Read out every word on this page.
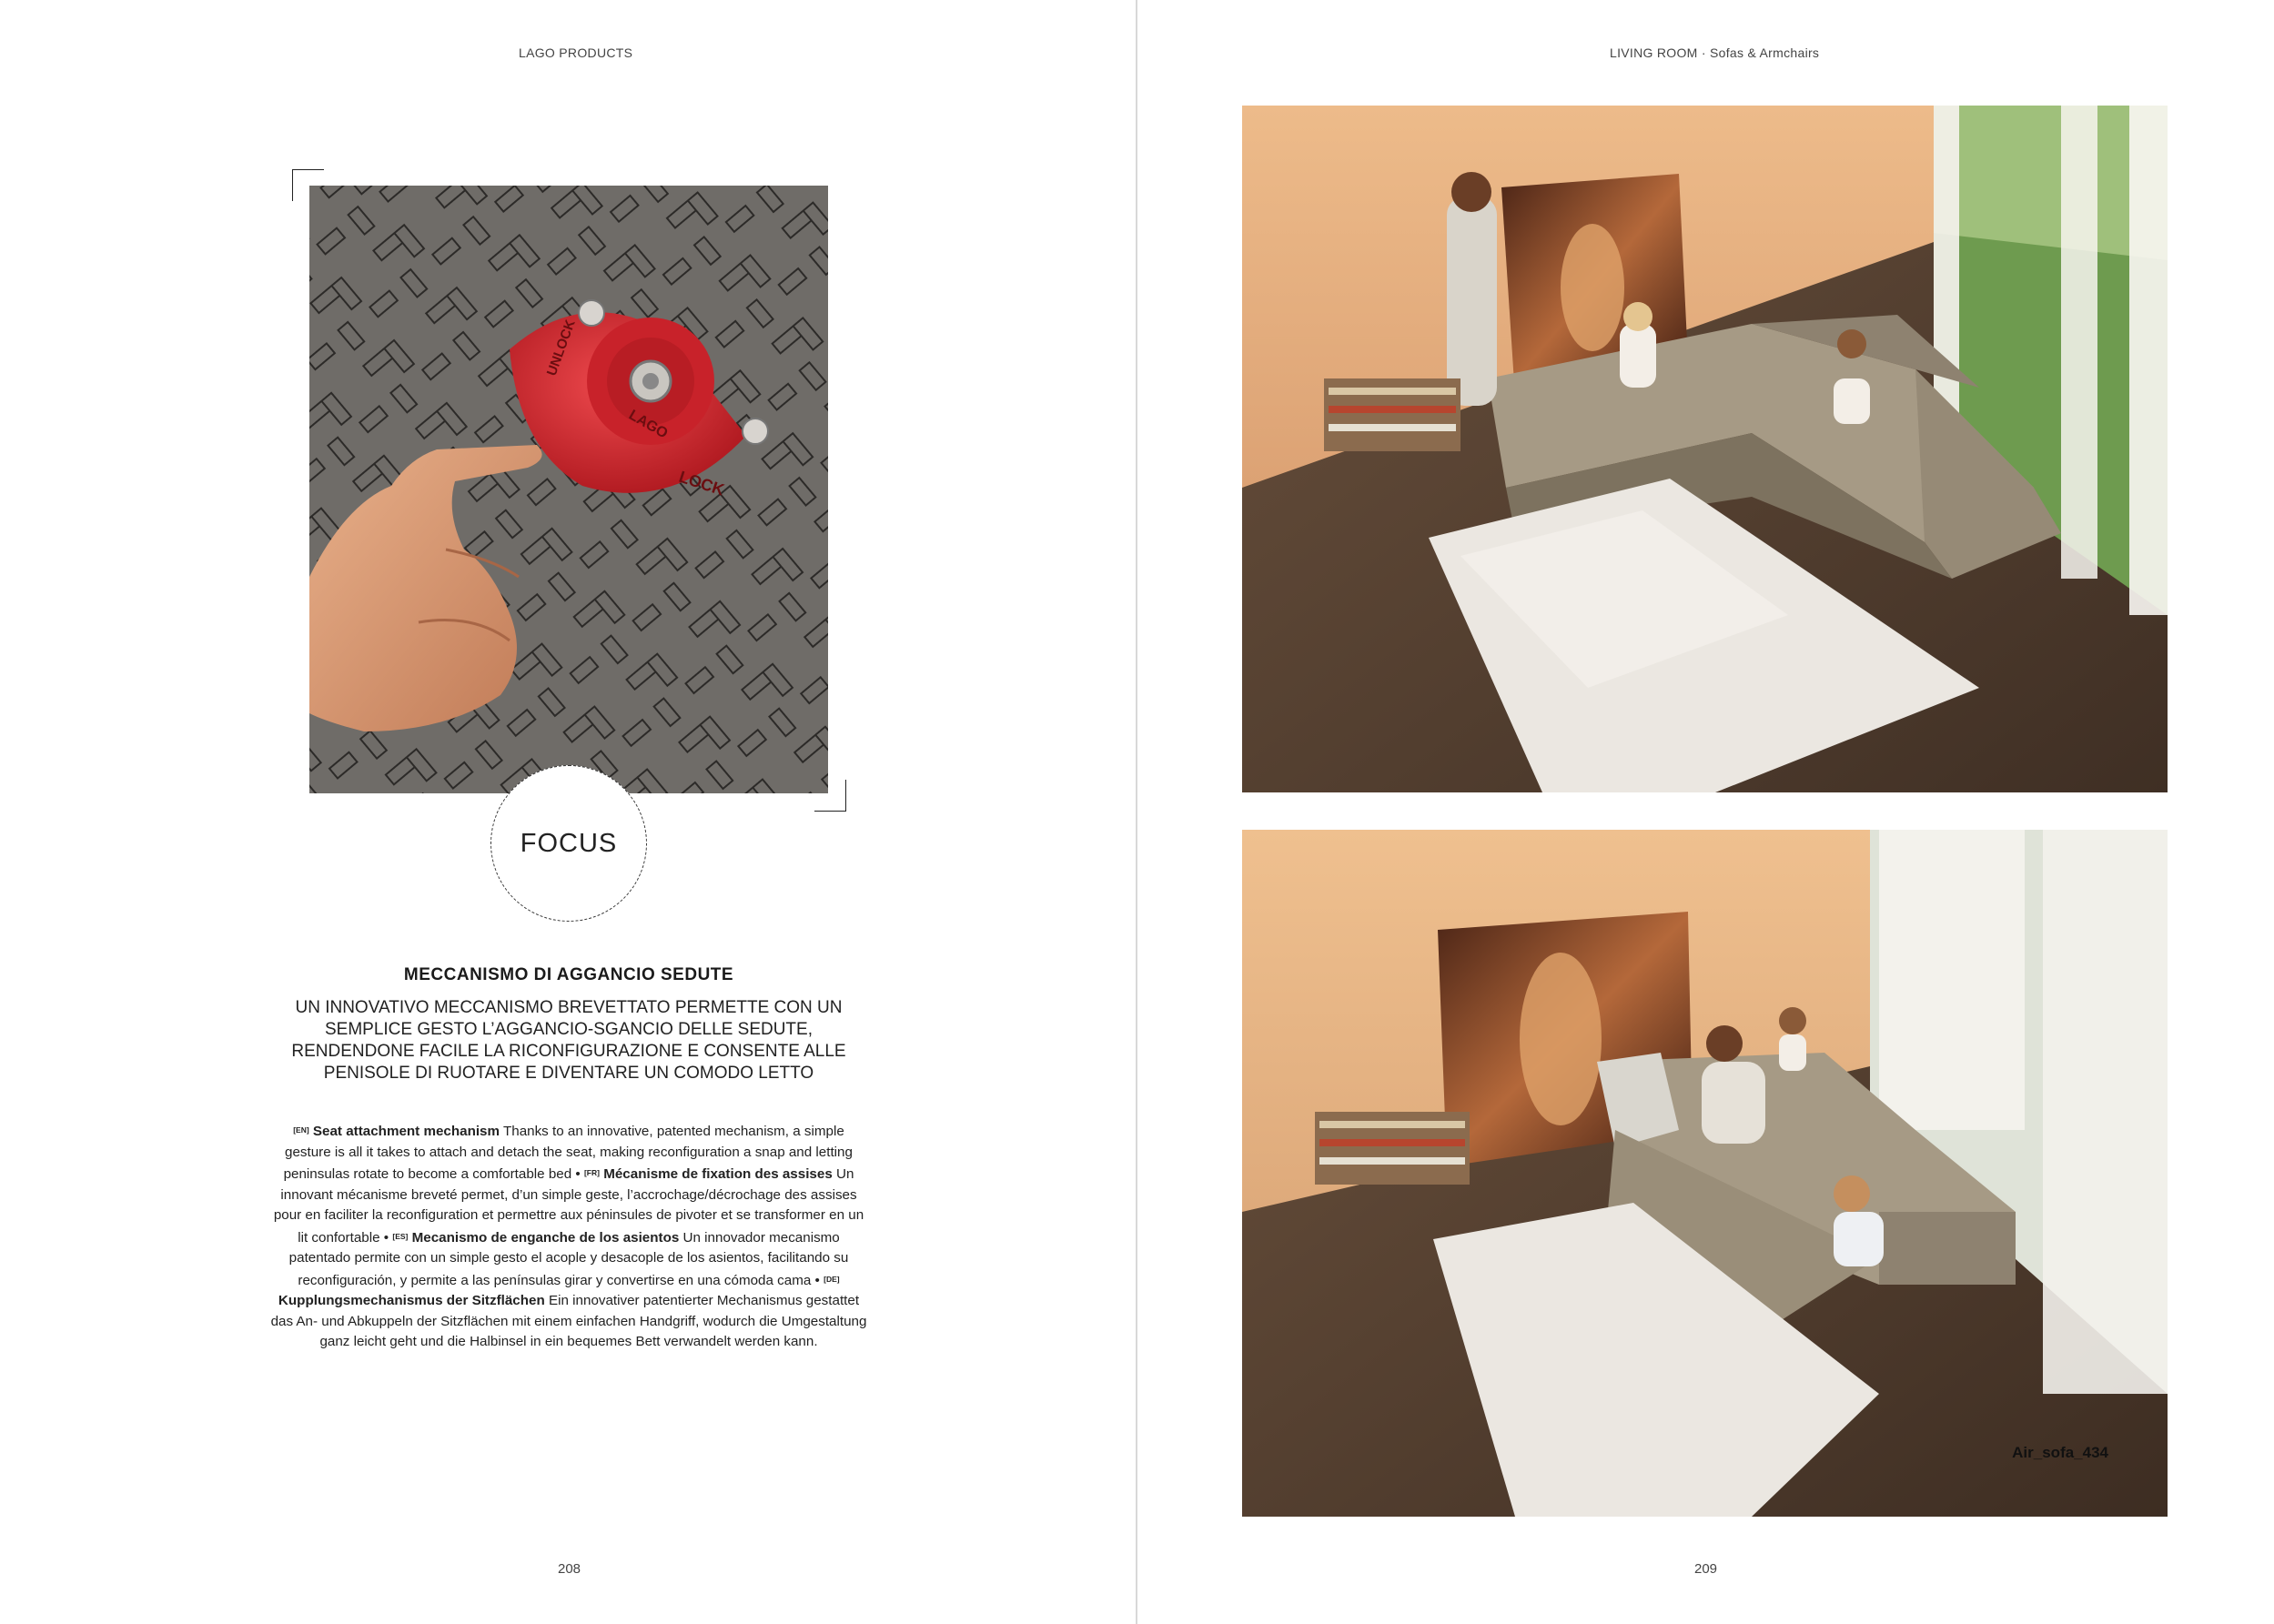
LAGO PRODUCTS
LOCK
UNLOCK
LAGO
FOCUS
MECCANISMO DI AGGANCIO SEDUTE
UN INNOVATIVO MECCANISMO BREVETTATO PERMETTE CON UN
SEMPLICE GESTO L’AGGANCIO-SGANCIO DELLE SEDUTE,
RENDENDONE FACILE LA RICONFIGURAZIONE E CONSENTE ALLE
PENISOLE DI RUOTARE E DIVENTARE UN COMODO LETTO
[EN] Seat attachment mechanism Thanks to an innovative, patented mechanism, a simple gesture is all it takes to attach and detach the seat, making reconfiguration a snap and letting peninsulas rotate to become a comfortable bed • [FR] Mécanisme de fixation des assises Un innovant mécanisme breveté permet, d’un simple geste, l’accrochage/décrochage des assises pour en faciliter la reconfiguration et permettre aux péninsules de pivoter et se transformer en un lit confortable • [ES] Mecanismo de enganche de los asientos Un innovador mecanismo patentado permite con un simple gesto el acople y desacople de los asientos, facilitando su reconfiguración, y permite a las penínsulas girar y convertirse en una cómoda cama • [DE] Kupplungsmechanismus der Sitzflächen Ein innovativer patentierter Mechanismus gestattet das An- und Abkuppeln der Sitzflächen mit einem einfachen Handgriff, wodurch die Umgestaltung ganz leicht geht und die Halbinsel in ein bequemes Bett verwandelt werden kann.
208
LIVING ROOM · Sofas & Armchairs
209
Air_sofa_434
